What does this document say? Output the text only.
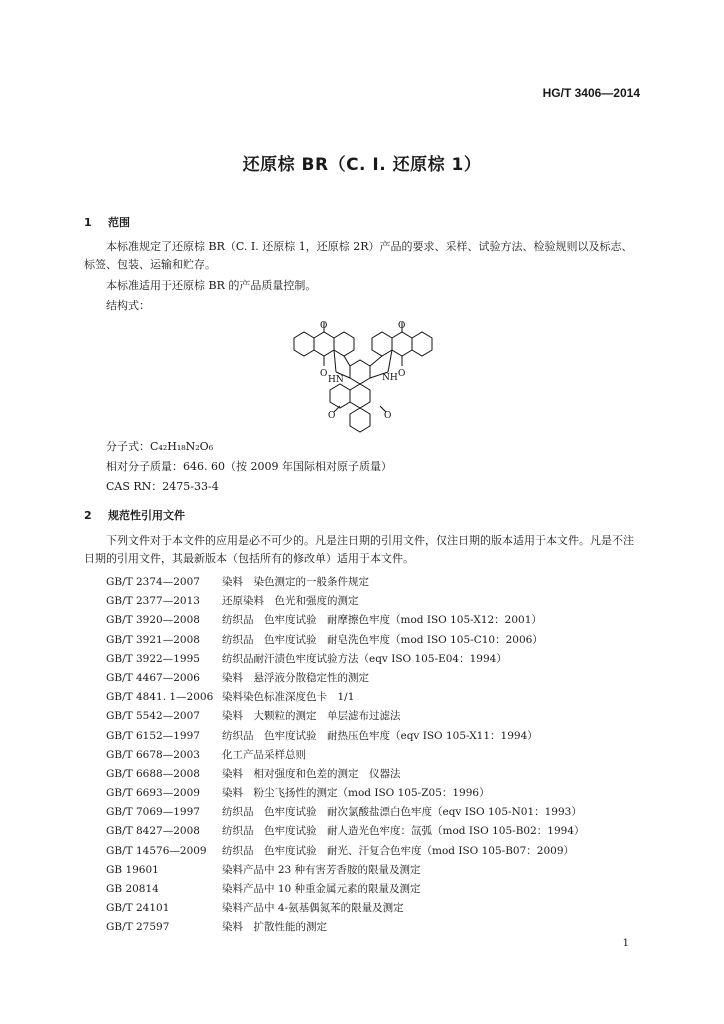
HG/T 3406—2014
还原棕 BR（C. I. 还原棕 1）
1 范围
本标准规定了还原棕 BR（C. I. 还原棕 1，还原棕 2R）产品的要求、采样、试验方法、检验规则以及标志、标签、包装、运输和贮存。
本标准适用于还原棕 BR 的产品质量控制。
结构式：
O
O
O
O
HN	NH
O	O
分子式：C₄₂H₁₈N₂O₆
相对分子质量：646. 60（按 2009 年国际相对原子质量）
CAS RN：2475-33-4
2 规范性引用文件
下列文件对于本文件的应用是必不可少的。凡是注日期的引用文件，仅注日期的版本适用于本文件。凡是不注日期的引用文件，其最新版本（包括所有的修改单）适用于本文件。
GB/T 2374—2007 染料　染色测定的一般条件规定
GB/T 2377—2013 还原染料　色光和强度的测定
GB/T 3920—2008 纺织品　色牢度试验　耐摩擦色牢度（mod ISO 105-X12：2001）
GB/T 3921—2008 纺织品　色牢度试验　耐皂洗色牢度（mod ISO 105-C10：2006）
GB/T 3922—1995 纺织品耐汗渍色牢度试验方法（eqv ISO 105-E04：1994）
GB/T 4467—2006 染料　悬浮液分散稳定性的测定
GB/T 4841. 1—2006 染料染色标准深度色卡　1/1
GB/T 5542—2007 染料　大颗粒的测定　单层滤布过滤法
GB/T 6152—1997 纺织品　色牢度试验　耐热压色牢度（eqv ISO 105-X11：1994）
GB/T 6678—2003 化工产品采样总则
GB/T 6688—2008 染料　相对强度和色差的测定　仪器法
GB/T 6693—2009 染料　粉尘飞扬性的测定（mod ISO 105-Z05：1996）
GB/T 7069—1997 纺织品　色牢度试验　耐次氯酸盐漂白色牢度（eqv ISO 105-N01：1993）
GB/T 8427—2008 纺织品　色牢度试验　耐人造光色牢度：氙弧（mod ISO 105-B02：1994）
GB/T 14576—2009 纺织品　色牢度试验　耐光、汗复合色牢度（mod ISO 105-B07：2009）
GB 19601	染料产品中 23 种有害芳香胺的限量及测定
GB 20814	染料产品中 10 种重金属元素的限量及测定
GB/T 24101	染料产品中 4-氨基偶氮苯的限量及测定
GB/T 27597	染料　扩散性能的测定
1
